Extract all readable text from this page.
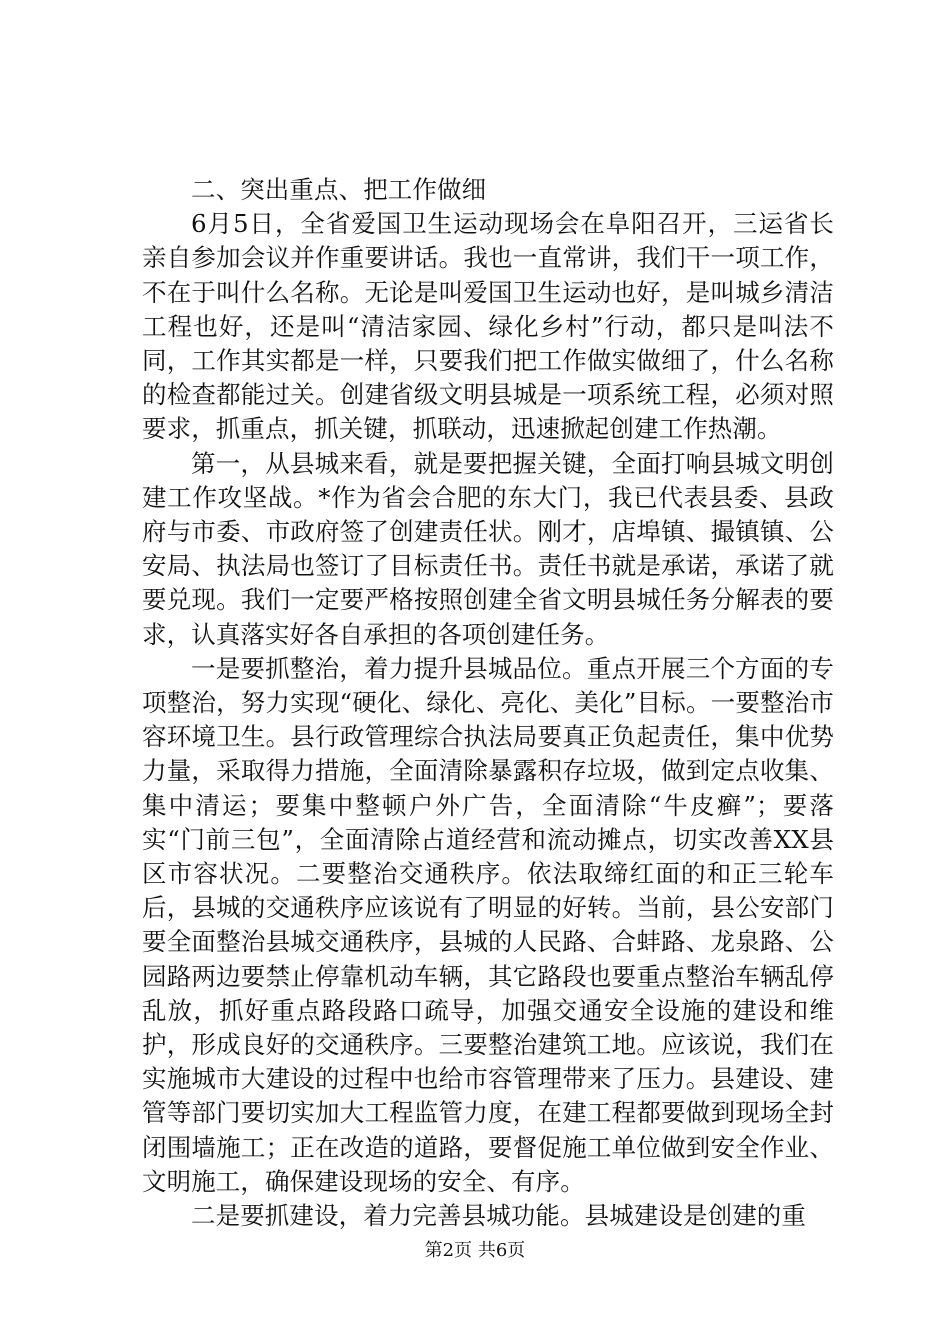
二、突出重点、把工作做细

6月5日，全省爱国卫生运动现场会在阜阳召开，三运省长亲自参加会议并作重要讲话。我也一直常讲，我们干一项工作，不在于叫什么名称。无论是叫爱国卫生运动也好，是叫城乡清洁工程也好，还是叫“清洁家园、绿化乡村”行动，都只是叫法不同，工作其实都是一样，只要我们把工作做实做细了，什么名称的检查都能过关。创建省级文明县城是一项系统工程，必须对照要求，抓重点，抓关键，抓联动，迅速掀起创建工作热潮。

第一，从县城来看，就是要把握关键，全面打响县城文明创建工作攻坚战。*作为省会合肥的东大门，我已代表县委、县政府与市委、市政府签了创建责任状。刚才，店埠镇、撮镇镇、公安局、执法局也签订了目标责任书。责任书就是承诺，承诺了就要兑现。我们一定要严格按照创建全省文明县城任务分解表的要求，认真落实好各自承担的各项创建任务。

一是要抓整治，着力提升县城品位。重点开展三个方面的专项整治，努力实现“硬化、绿化、亮化、美化”目标。一要整治市容环境卫生。县行政管理综合执法局要真正负起责任，集中优势力量，采取得力措施，全面清除暴露积存垃圾，做到定点收集、集中清运；要集中整顿户外广告，全面清除“牛皮癣”；要落实“门前三包”，全面清除占道经营和流动摊点，切实改善XX县区市容状况。二要整治交通秩序。依法取缔红面的和正三轮车后，县城的交通秩序应该说有了明显的好转。当前，县公安部门要全面整治县城交通秩序，县城的人民路、合蚌路、龙泉路、公园路两边要禁止停靠机动车辆，其它路段也要重点整治车辆乱停乱放，抓好重点路段路口疏导，加强交通安全设施的建设和维护，形成良好的交通秩序。三要整治建筑工地。应该说，我们在实施城市大建设的过程中也给市容管理带来了压力。县建设、建管等部门要切实加大工程监管力度，在建工程都要做到现场全封闭围墙施工；正在改造的道路，要督促施工单位做到安全作业、文明施工，确保建设现场的安全、有序。

二是要抓建设，着力完善县城功能。县城建设是创建的重

第2页 共6页
